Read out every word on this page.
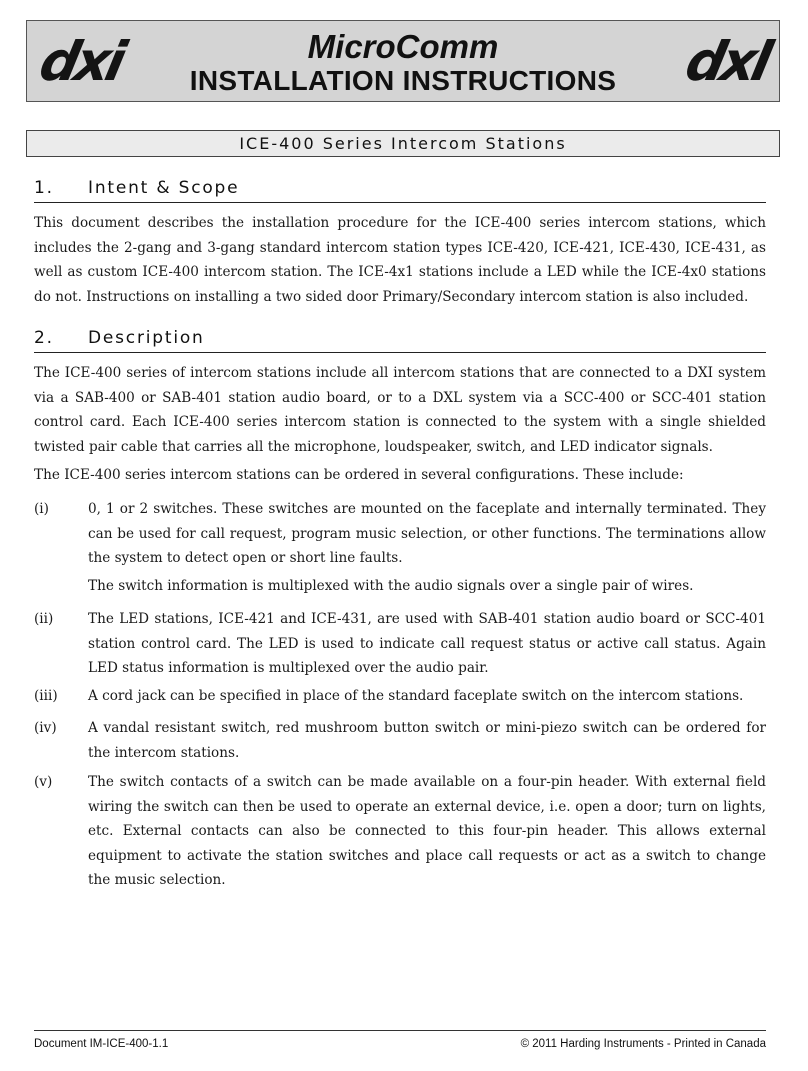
dxi	MicroComm
INSTALLATION INSTRUCTIONS	dxl
ICE-400 Series Intercom Stations
1. Intent & Scope

This document describes the installation procedure for the ICE-400 series intercom stations, which includes the 2-gang and 3-gang standard intercom station types ICE-420, ICE-421, ICE-430, ICE-431, as well as custom ICE-400 intercom station. The ICE-4x1 stations include a LED while the ICE-4x0 stations do not. Instructions on installing a two sided door Primary/Secondary intercom station is also included.

2. Description

The ICE-400 series of intercom stations include all intercom stations that are connected to a DXI system via a SAB-400 or SAB-401 station audio board, or to a DXL system via a SCC-400 or SCC-401 station control card. Each ICE-400 series intercom station is connected to the system with a single shielded twisted pair cable that carries all the microphone, loudspeaker, switch, and LED indicator signals.

The ICE-400 series intercom stations can be ordered in several configurations. These include:

(i)	0, 1 or 2 switches. These switches are mounted on the faceplate and internally terminated. They can be used for call request, program music selection, or other functions. The terminations allow the system to detect open or short line faults.
The switch information is multiplexed with the audio signals over a single pair of wires.
(ii)	The LED stations, ICE-421 and ICE-431, are used with SAB-401 station audio board or SCC-401 station control card. The LED is used to indicate call request status or active call status. Again LED status information is multiplexed over the audio pair.
(iii) A cord jack can be specified in place of the standard faceplate switch on the intercom stations.
(iv) A vandal resistant switch, red mushroom button switch or mini-piezo switch can be ordered for the intercom stations.
(v)	The switch contacts of a switch can be made available on a four-pin header. With external field wiring the switch can then be used to operate an external device, i.e. open a door; turn on lights, etc. External contacts can also be connected to this four-pin header. This allows external equipment to activate the station switches and place call requests or act as a switch to change the music selection.
Document IM-ICE-400-1.1	© 2011 Harding Instruments - Printed in Canada
